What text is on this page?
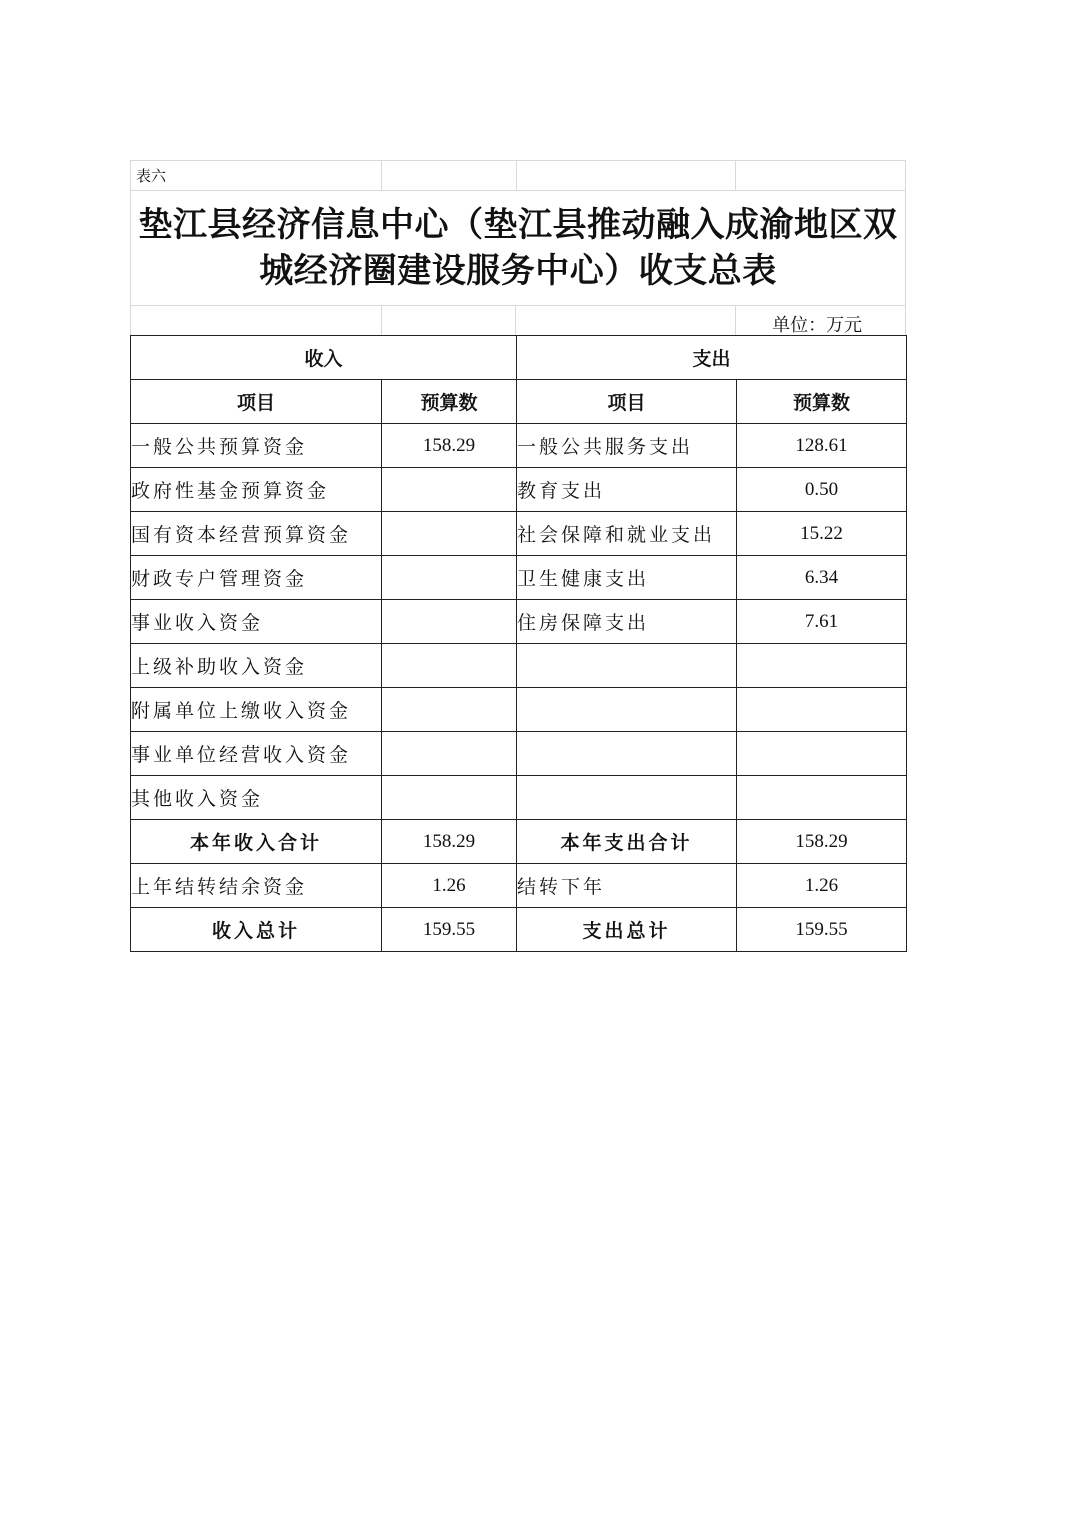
表六
垫江县经济信息中心（垫江县推动融入成渝地区双城经济圈建设服务中心）收支总表
单位：万元
收入		支出	
项目	预算数	项目	预算数
一般公共预算资金	158.29	一般公共服务支出	128.61
政府性基金预算资金		教育支出	0.50
国有资本经营预算资金		社会保障和就业支出	15.22
财政专户管理资金		卫生健康支出	6.34
事业收入资金		住房保障支出	7.61
上级补助收入资金			
附属单位上缴收入资金			
事业单位经营收入资金			
其他收入资金			
本年收入合计	158.29	本年支出合计	158.29
上年结转结余资金	1.26	结转下年	1.26
收入总计	159.55	支出总计	159.55
